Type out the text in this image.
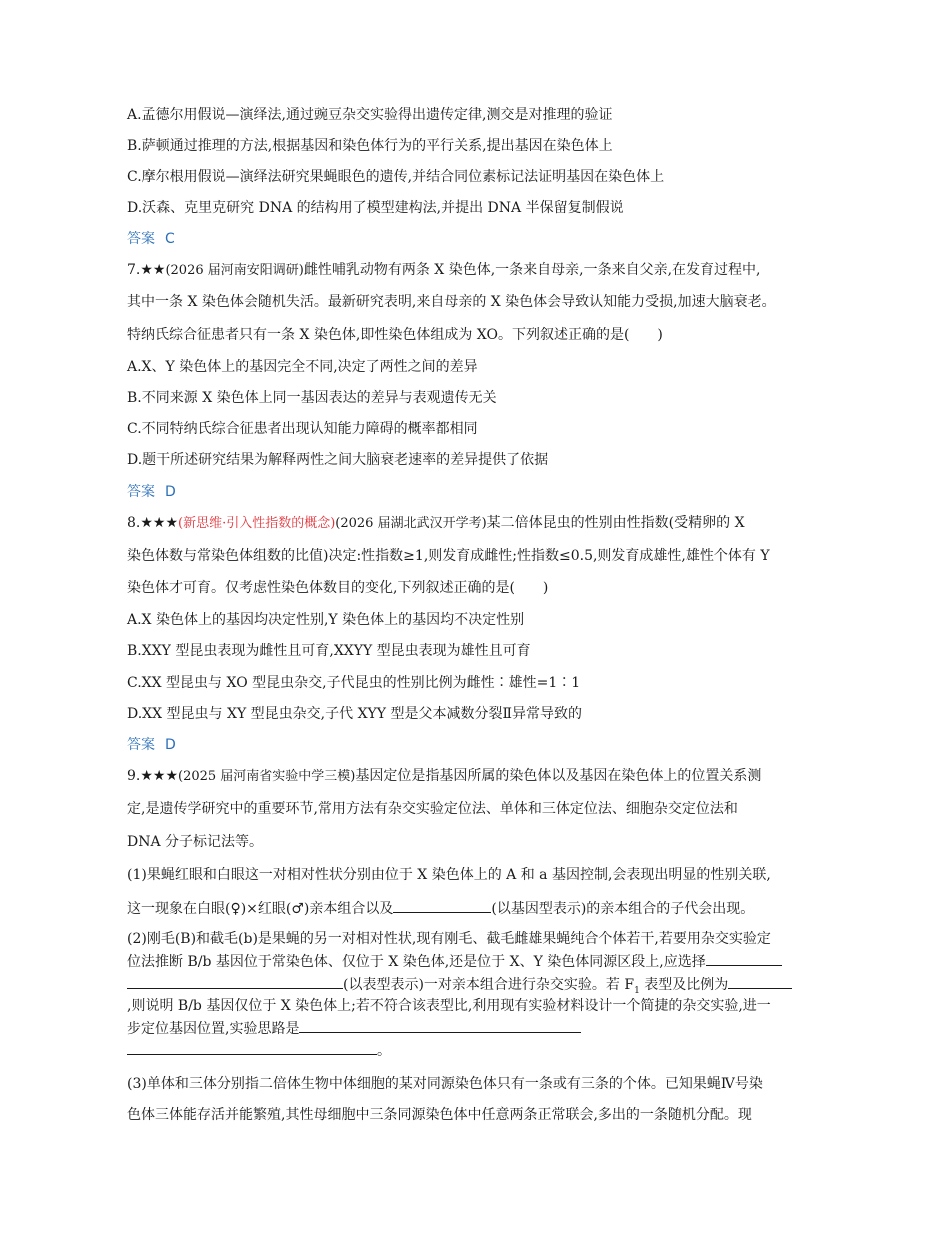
A.孟德尔用假说—演绎法,通过豌豆杂交实验得出遗传定律,测交是对推理的验证
B.萨顿通过推理的方法,根据基因和染色体行为的平行关系,提出基因在染色体上
C.摩尔根用假说—演绎法研究果蝇眼色的遗传,并结合同位素标记法证明基因在染色体上
D.沃森、克里克研究 DNA 的结构用了模型建构法,并提出 DNA 半保留复制假说
答案 C
7.★★(2026 届河南安阳调研)雌性哺乳动物有两条 X 染色体,一条来自母亲,一条来自父亲,在发育过程中,
其中一条 X 染色体会随机失活。最新研究表明,来自母亲的 X 染色体会导致认知能力受损,加速大脑衰老。
特纳氏综合征患者只有一条 X 染色体,即性染色体组成为 XO。下列叙述正确的是(　　)
A.X、Y 染色体上的基因完全不同,决定了两性之间的差异
B.不同来源 X 染色体上同一基因表达的差异与表观遗传无关
C.不同特纳氏综合征患者出现认知能力障碍的概率都相同
D.题干所述研究结果为解释两性之间大脑衰老速率的差异提供了依据
答案 D
8.★★★(新思维·引入性指数的概念)(2026 届湖北武汉开学考)某二倍体昆虫的性别由性指数(受精卵的 X
染色体数与常染色体组数的比值)决定:性指数≥1,则发育成雌性;性指数≤0.5,则发育成雄性,雄性个体有 Y
染色体才可育。仅考虑性染色体数目的变化,下列叙述正确的是(　　)
A.X 染色体上的基因均决定性别,Y 染色体上的基因均不决定性别
B.XXY 型昆虫表现为雌性且可育,XXYY 型昆虫表现为雄性且可育
C.XX 型昆虫与 XO 型昆虫杂交,子代昆虫的性别比例为雌性∶雄性=1∶1
D.XX 型昆虫与 XY 型昆虫杂交,子代 XYY 型是父本减数分裂Ⅱ异常导致的
答案 D
9.★★★(2025 届河南省实验中学三模)基因定位是指基因所属的染色体以及基因在染色体上的位置关系测
定,是遗传学研究中的重要环节,常用方法有杂交实验定位法、单体和三体定位法、细胞杂交定位法和
DNA 分子标记法等。
(1)果蝇红眼和白眼这一对相对性状分别由位于 X 染色体上的 A 和 a 基因控制,会表现出明显的性别关联,
这一现象在白眼(♀)×红眼(♂)亲本组合以及	(以基因型表示)的亲本组合的子代会出现。
(2)刚毛(B)和截毛(b)是果蝇的另一对相对性状,现有刚毛、截毛雌雄果蝇纯合个体若干,若要用杂交实验定
位法推断 B/b 基因位于常染色体、仅位于 X 染色体,还是位于 X、Y 染色体同源区段上,应选择
(以表型表示)一对亲本组合进行杂交实验。若 $F_1$ 表型及比例为
,则说明 B/b 基因仅位于 X 染色体上;若不符合该表型比,利用现有实验材料设计一个简捷的杂交实验,进一
步定位基因位置,实验思路是
。
(3)单体和三体分别指二倍体生物中体细胞的某对同源染色体只有一条或有三条的个体。已知果蝇Ⅳ号染
色体三体能存活并能繁殖,其性母细胞中三条同源染色体中任意两条正常联会,多出的一条随机分配。现
